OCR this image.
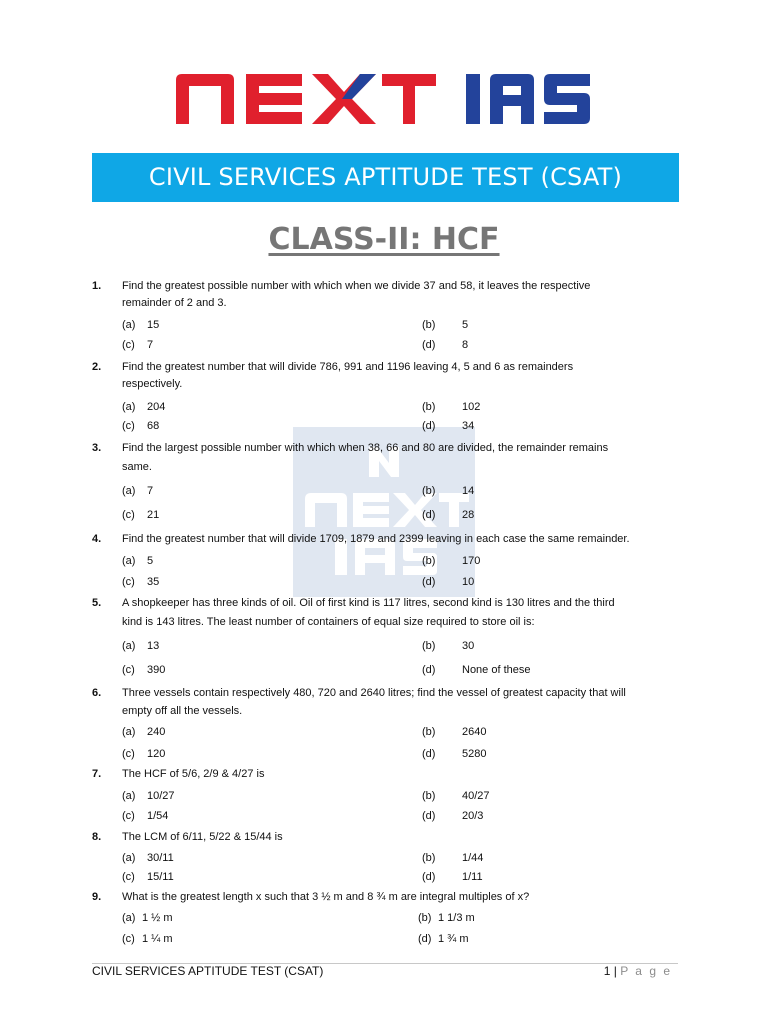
CIVIL SERVICES APTITUDE TEST (CSAT)
CLASS-II: HCF
1. Find the greatest possible number with which when we divide 37 and 58, it leaves the respective
remainder of 2 and 3.
(a) 15	(b) 5
(c) 7	(d) 8
2. Find the greatest number that will divide 786, 991 and 1196 leaving 4, 5 and 6 as remainders
respectively.
(a) 204	(b) 102
(c) 68	(d) 34
3. Find the largest possible number with which when 38, 66 and 80 are divided, the remainder remains
same.
(a) 7	(b) 14
(c) 21	(d) 28
4. Find the greatest number that will divide 1709, 1879 and 2399 leaving in each case the same remainder.
(a) 5	(b) 170
(c) 35	(d) 10
5. A shopkeeper has three kinds of oil. Oil of first kind is 117 litres, second kind is 130 litres and the third
kind is 143 litres. The least number of containers of equal size required to store oil is:
(a) 13	(b) 30
(c) 390	(d) None of these
6. Three vessels contain respectively 480, 720 and 2640 litres; find the vessel of greatest capacity that will
empty off all the vessels.
(a) 240	(b) 2640
(c) 120	(d) 5280
7. The HCF of 5/6, 2/9 & 4/27 is
(a) 10/27	(b) 40/27
(c) 1/54	(d) 20/3
8. The LCM of 6/11, 5/22 & 15/44 is
(a) 30/11	(b) 1/44
(c) 15/11	(d) 1/11
9. What is the greatest length x such that 3 ½ m and 8 ¾ m are integral multiples of x?
(a) 1 ½ m	(b) 1 1/3 m
(c) 1 ¼ m	(d) 1 ¾ m
CIVIL SERVICES APTITUDE TEST (CSAT)	1 | P a g e
